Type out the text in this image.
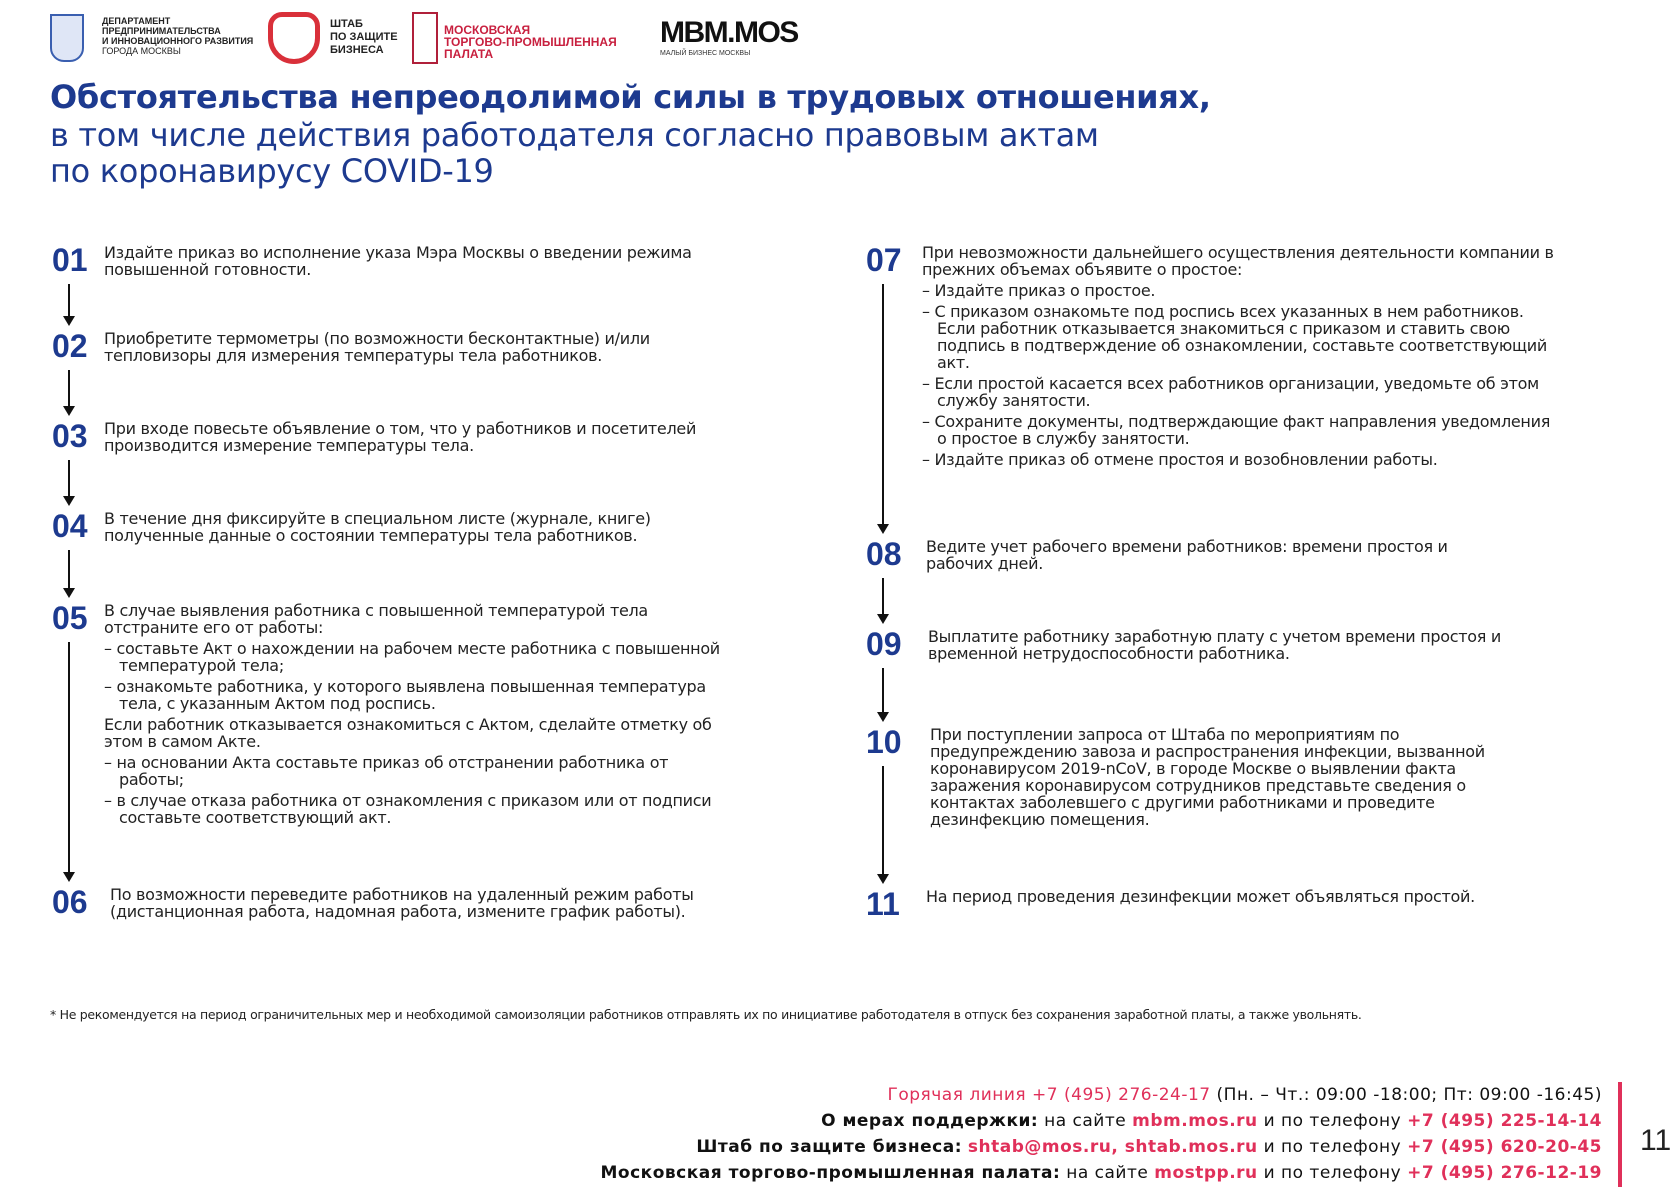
ДЕПАРТАМЕНТ
ПРЕДПРИНИМАТЕЛЬСТВА
И ИННОВАЦИОННОГО РАЗВИТИЯ
ГОРОДА МОСКВЫ
ШТАБ
ПО ЗАЩИТЕ
БИЗНЕСА
МОСКОВСКАЯ
ТОРГОВО-ПРОМЫШЛЕННАЯ
ПАЛАТА
MBM.MOS
МАЛЫЙ БИЗНЕС МОСКВЫ
Обстоятельства непреодолимой силы в трудовых отношениях,
в том числе действия работодателя согласно правовым актам
по коронавирусу COVID-19
01 Издайте приказ во исполнение указа Мэра Москвы о введении режима повышенной готовности.

02 Приобретите термометры (по возможности бесконтактные) и/или тепловизоры для измерения температуры тела работников.

03 При входе повесьте объявление о том, что у работников и посетителей производится измерение температуры тела.

04 В течение дня фиксируйте в специальном листе (журнале, книге) полученные данные о состоянии температуры тела работников.

05 В случае выявления работника с повышенной температурой тела отстраните его от работы:

– составьте Акт о нахождении на рабочем месте работника с повышенной температурой тела;

– ознакомьте работника, у которого выявлена повышенная температура тела, с указанным Актом под роспись.

Если работник отказывается ознакомиться с Актом, сделайте отметку об этом в самом Акте.

– на основании Акта составьте приказ об отстранении работника от работы;

– в случае отказа работника от ознакомления с приказом или от подписи составьте соответствующий акт.

06 По возможности переведите работников на удаленный режим работы (дистанционная работа, надомная работа, измените график работы).

07 При невозможности дальнейшего осуществления деятельности компании в прежних объемах объявите о простое:

– Издайте приказ о простое.

– С приказом ознакомьте под роспись всех указанных в нем работников. Если работник отказывается знакомиться с приказом и ставить свою подпись в подтверждение об ознакомлении, составьте соответствующий акт.

– Если простой касается всех работников организации, уведомьте об этом службу занятости.

– Сохраните документы, подтверждающие факт направления уведомления о простое в службу занятости.

– Издайте приказ об отмене простоя и возобновлении работы.

08 Ведите учет рабочего времени работников: времени простоя и рабочих дней.

09 Выплатите работнику заработную плату с учетом времени простоя и временной нетрудоспособности работника.

10 При поступлении запроса от Штаба по мероприятиям по предупреждению завоза и распространения инфекции, вызванной коронавирусом 2019-nCoV, в городе Москве о выявлении факта заражения коронавирусом сотрудников представьте сведения о контактах заболевшего с другими работниками и проведите дезинфекцию помещения.

11 На период проведения дезинфекции может объявляться простой.

* Не рекомендуется на период ограничительных мер и необходимой самоизоляции работников отправлять их по инициативе работодателя в отпуск без сохранения заработной платы, а также увольнять.
Горячая линия +7 (495) 276-24-17 (Пн. – Чт.: 09:00 -18:00; Пт: 09:00 -16:45)
О мерах поддержки: на сайте mbm.mos.ru и по телефону +7 (495) 225-14-14
Штаб по защите бизнеса: shtab@mos.ru, shtab.mos.ru и по телефону +7 (495) 620-20-45
Московская торгово-промышленная палата: на сайте mostpp.ru и по телефону +7 (495) 276-12-19
11
